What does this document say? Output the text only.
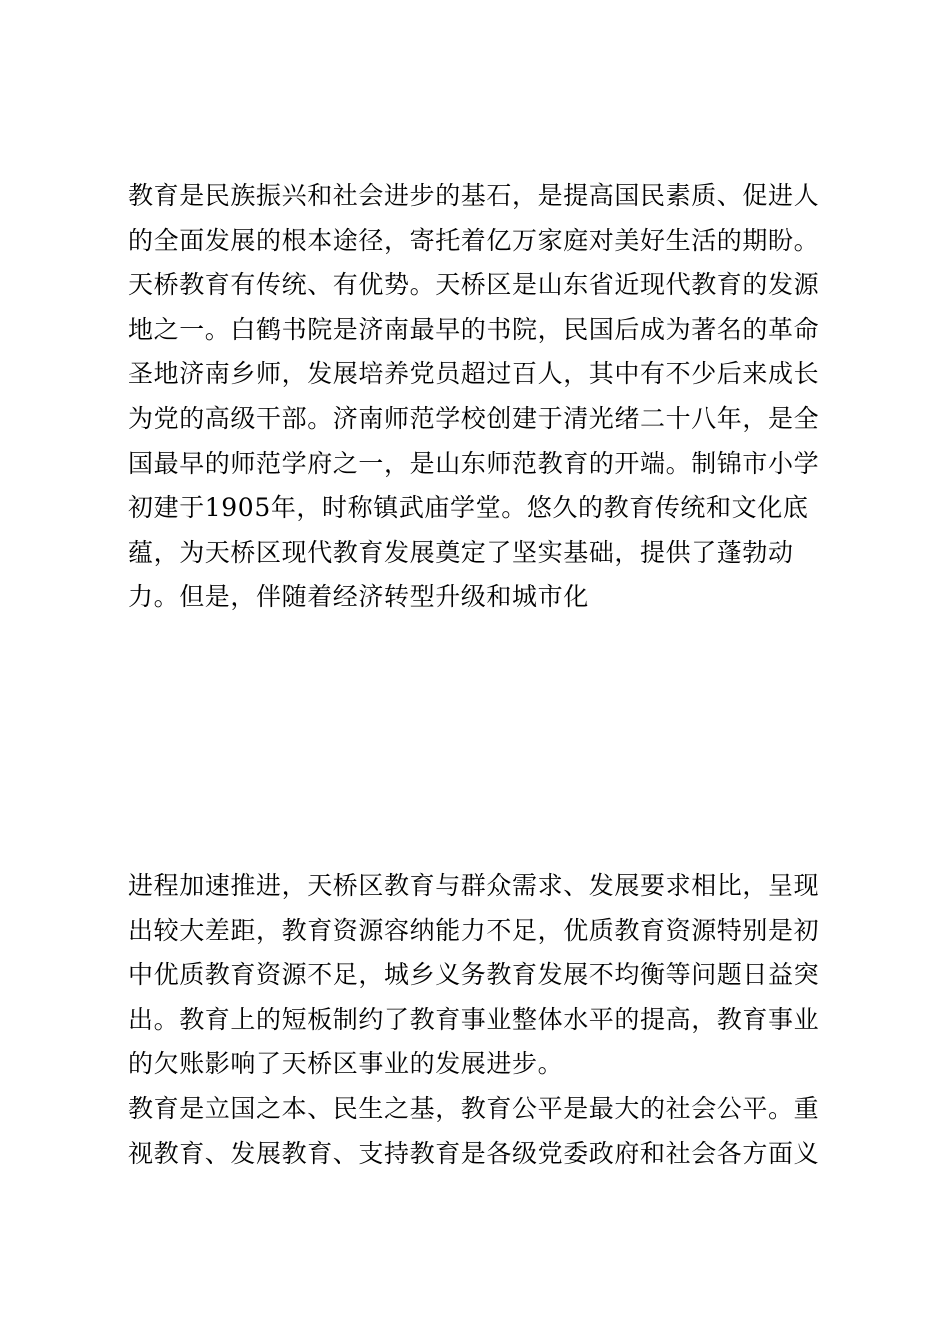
教育是民族振兴和社会进步的基石，是提高国民素质、促进人
的全面发展的根本途径，寄托着亿万家庭对美好生活的期盼。
天桥教育有传统、有优势。天桥区是山东省近现代教育的发源
地之一。白鹤书院是济南最早的书院，民国后成为著名的革命
圣地济南乡师，发展培养党员超过百人，其中有不少后来成长
为党的高级干部。济南师范学校创建于清光绪二十八年，是全
国最早的师范学府之一，是山东师范教育的开端。制锦市小学
初建于1905年，时称镇武庙学堂。悠久的教育传统和文化底
蕴，为天桥区现代教育发展奠定了坚实基础，提供了蓬勃动
力。但是，伴随着经济转型升级和城市化
进程加速推进，天桥区教育与群众需求、发展要求相比，呈现
出较大差距，教育资源容纳能力不足，优质教育资源特别是初
中优质教育资源不足，城乡义务教育发展不均衡等问题日益突
出。教育上的短板制约了教育事业整体水平的提高，教育事业
的欠账影响了天桥区事业的发展进步。
教育是立国之本、民生之基，教育公平是最大的社会公平。重
视教育、发展教育、支持教育是各级党委政府和社会各方面义
